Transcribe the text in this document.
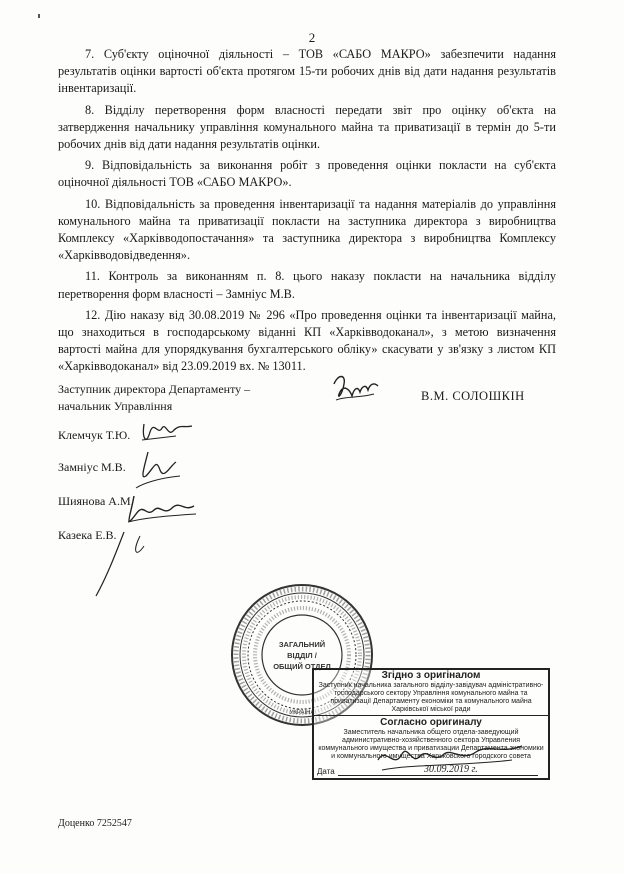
2

7. Суб'єкту оціночної діяльності – ТОВ «САБО МАКРО» забезпечити надання результатів оцінки вартості об'єкта протягом 15-ти робочих днів від дати надання результатів інвентаризації.

8. Відділу перетворення форм власності передати звіт про оцінку об'єкта на затвердження начальнику управління комунального майна та приватизації в термін до 5-ти робочих днів від дати надання результатів оцінки.

9. Відповідальність за виконання робіт з проведення оцінки покласти на суб'єкта оціночної діяльності ТОВ «САБО МАКРО».

10. Відповідальність за проведення інвентаризації та надання матеріалів до управління комунального майна та приватизації покласти на заступника директора з виробництва Комплексу «Харківводопостачання» та заступника директора з виробництва Комплексу «Харківводовідведення».

11. Контроль за виконанням п. 8. цього наказу покласти на начальника відділу перетворення форм власності – Замніус М.В.

12. Дію наказу від 30.08.2019 № 296 «Про проведення оцінки та інвентаризації майна, що знаходиться в господарському віданні КП «Харківводоканал», з метою визначення вартості майна для упорядкування бухгалтерського обліку» скасувати у зв'язку з листом КП «Харківводоканал» від 23.09.2019 вх. № 13011.

Заступник директора Департаменту –
начальник Управління
В.М. СОЛОШКІН
Клемчук Т.Ю.
Замніус М.В.
Шиянова А.М.
Казека Е.В.
ЗАГАЛЬНИЙ
ВІДДІЛ /
ОБЩИЙ ОТДЕЛ
УКРАЇНА
Згідно з оригіналом
Заступник начальника загального відділу-завідувач адміністративно-господарського сектору Управління комунального майна та приватизації Департаменту економіки та комунального майна Харківської міської ради
Согласно оригиналу
Заместитель начальника общего отдела-заведующий административно-хозяйственного сектора Управления коммунального имущества и приватизации Департамента экономики и коммунального имущества Харьковского городского совета
Дата	30.09.2019 г.
Доценко 7252547
